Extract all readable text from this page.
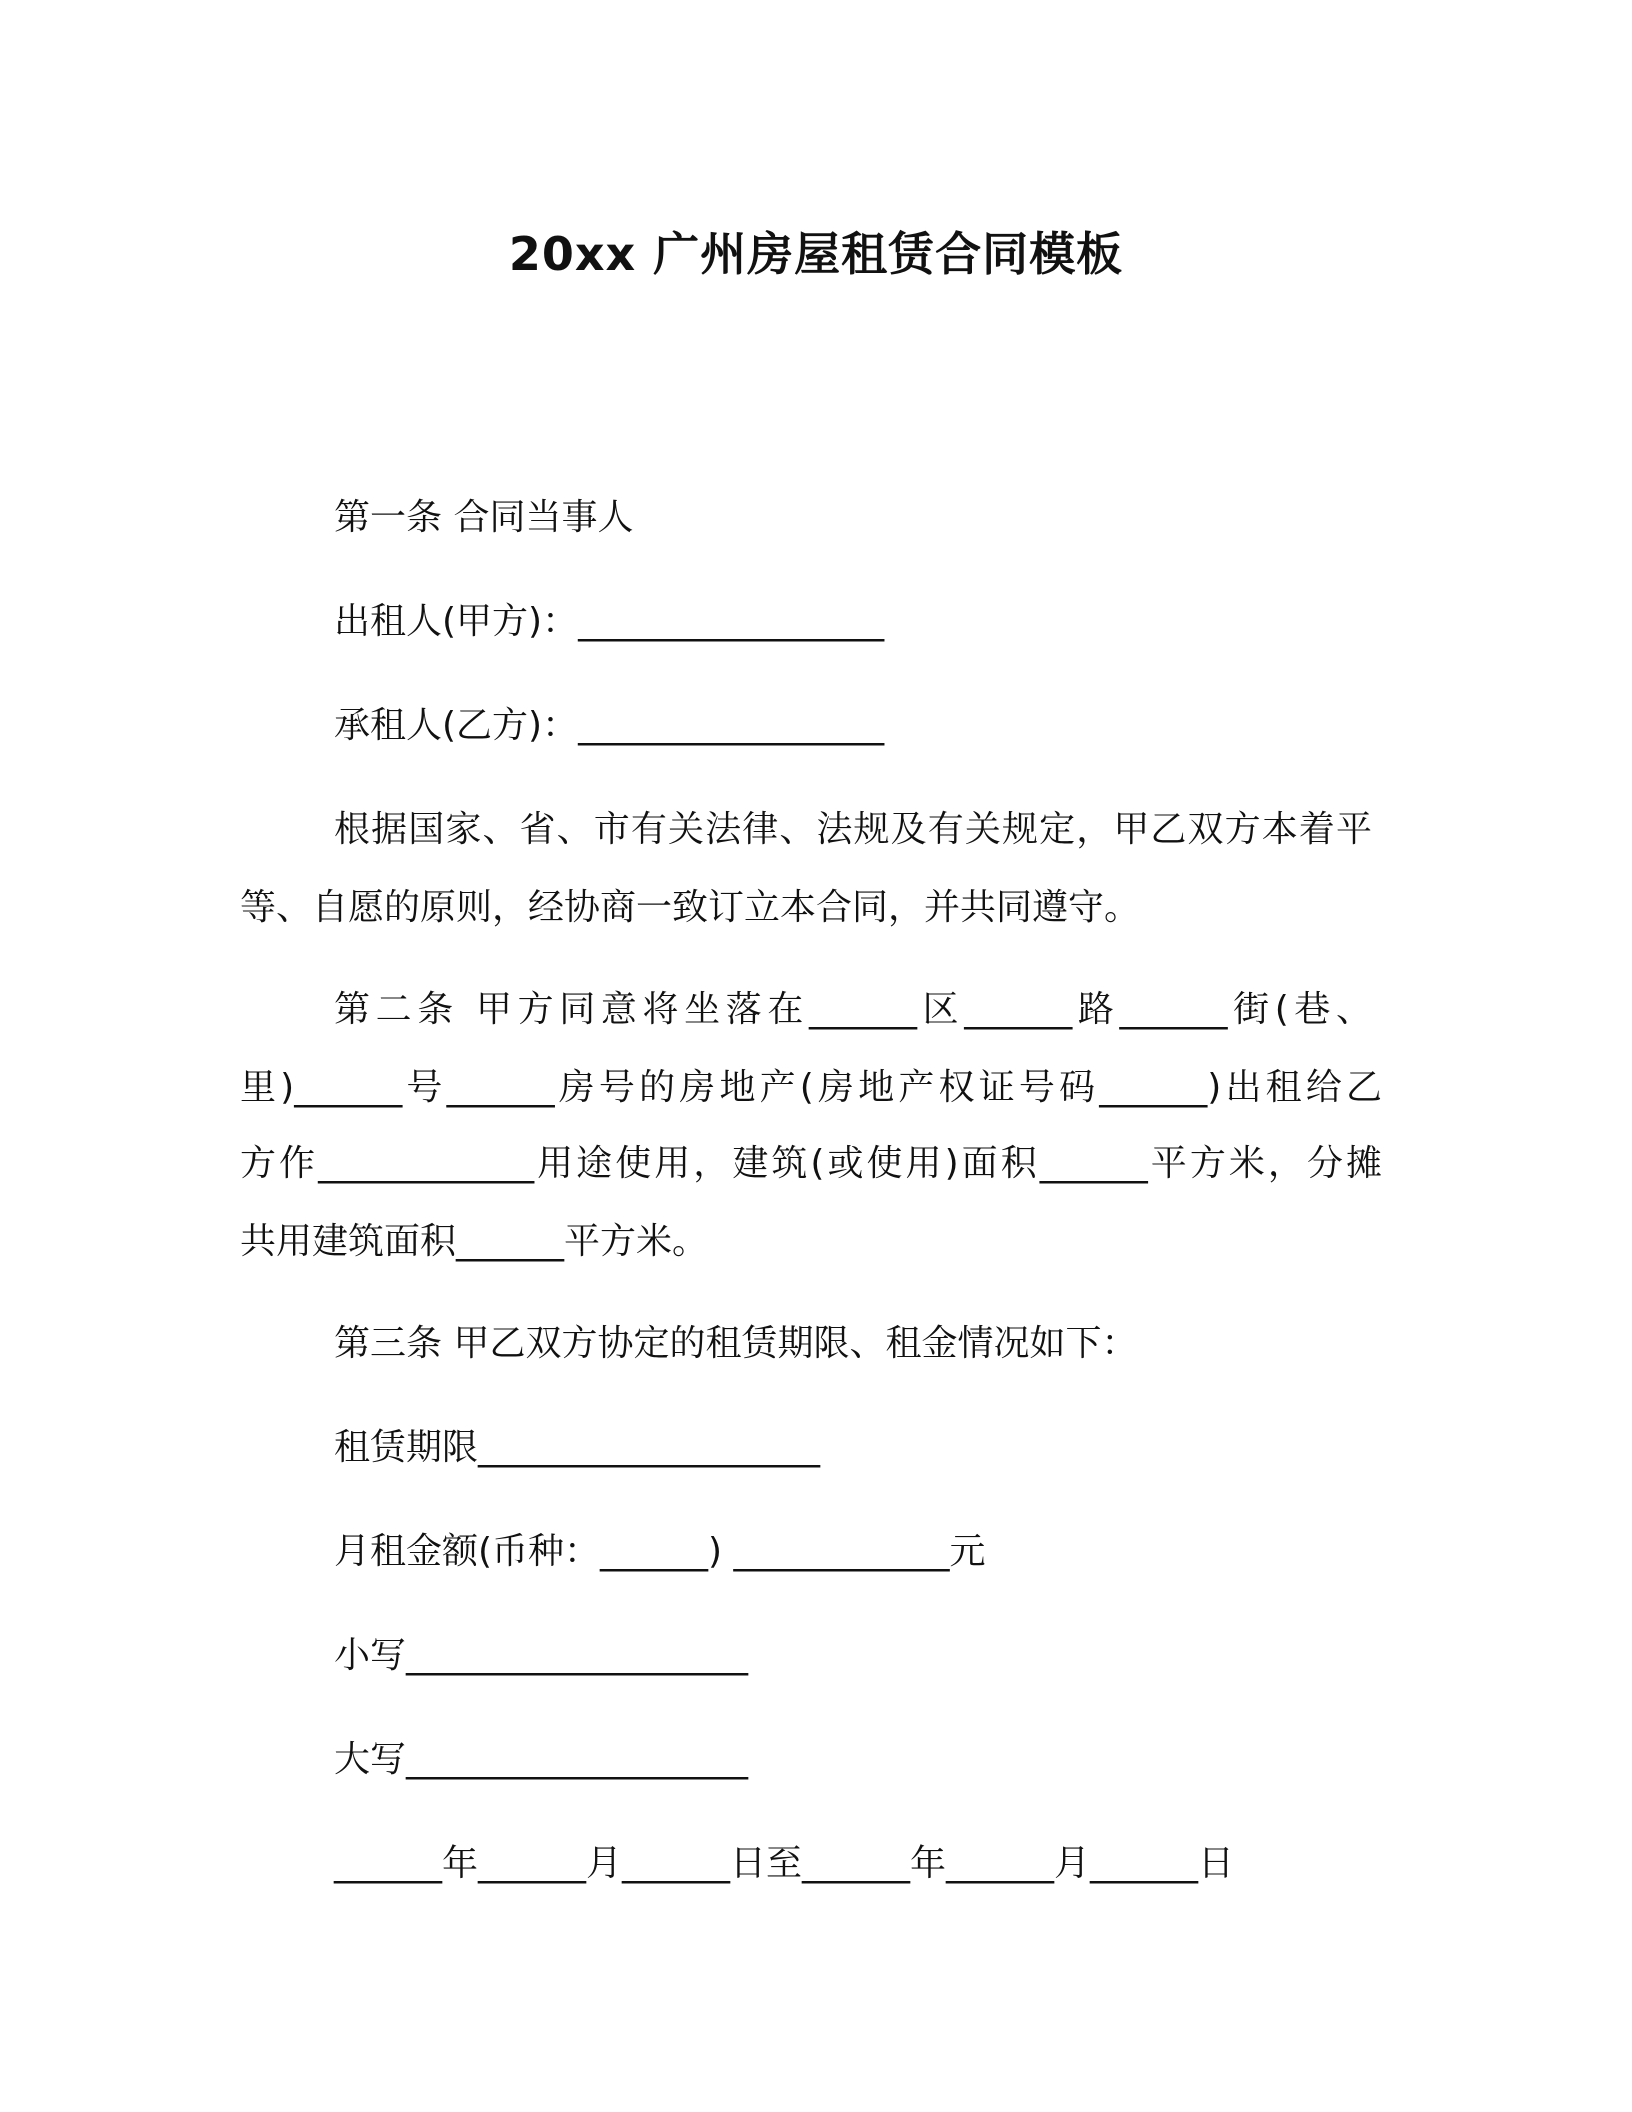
20xx 广州房屋租赁合同模板
第一条 合同当事人
出租人(甲方)：_________________
承租人(乙方)：_________________
根据国家、省、市有关法律、法规及有关规定，甲乙双方本着平
等、自愿的原则，经协商一致订立本合同，并共同遵守。
第二条 甲方同意将坐落在______区______路______街(巷、
里)______号______房号的房地产(房地产权证号码______)出租给乙
方作____________用途使用，建筑(或使用)面积______平方米，分摊
共用建筑面积______平方米。
第三条 甲乙双方协定的租赁期限、租金情况如下：
租赁期限___________________
月租金额(币种：______) ____________元
小写___________________
大写___________________
______年______月______日至______年______月______日
